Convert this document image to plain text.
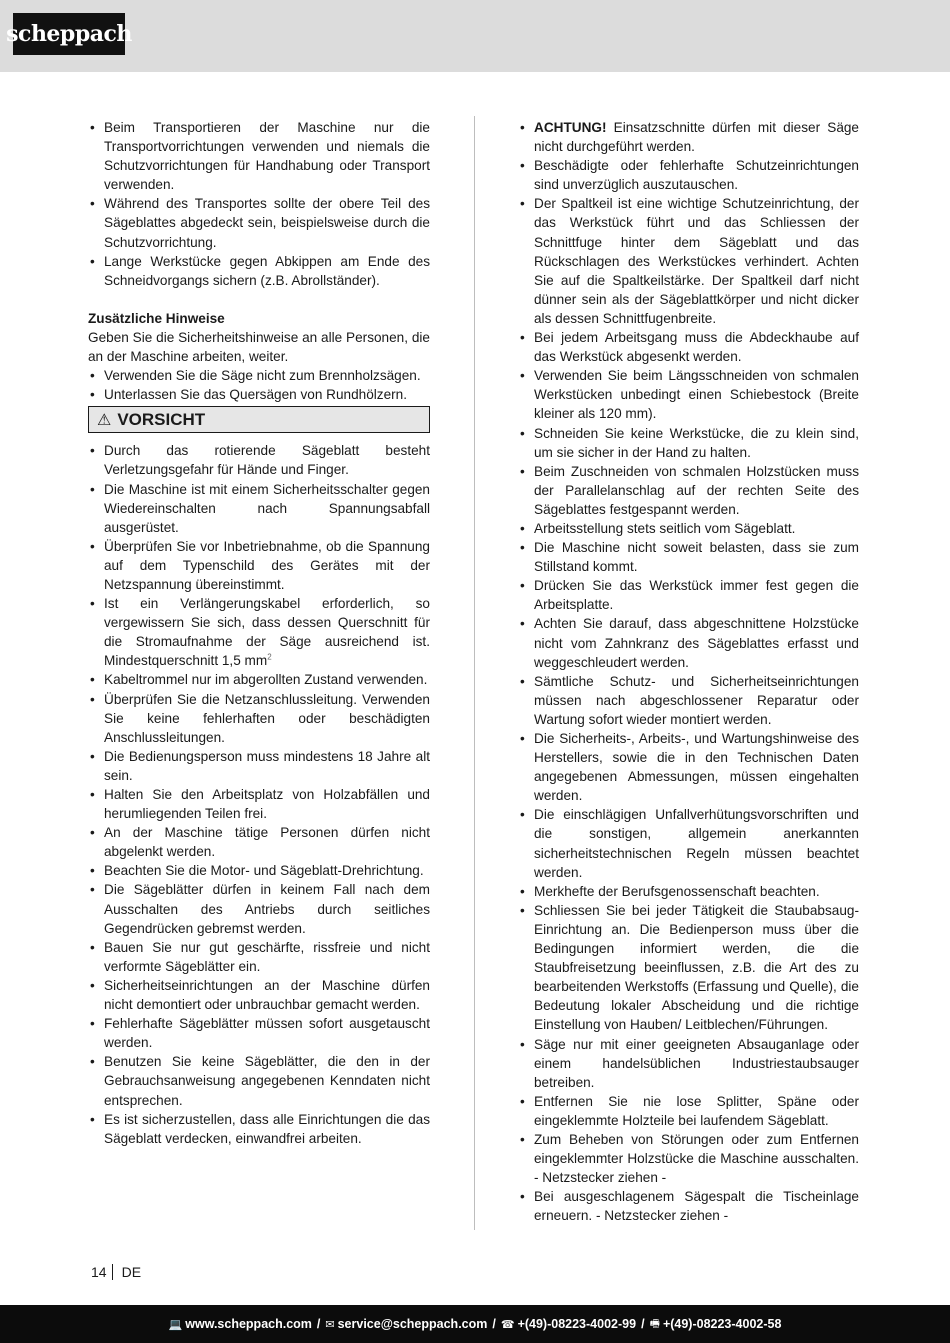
scheppach
• Beim Transportieren der Maschine nur die Transportvorrichtungen verwenden und niemals die Schutzvorrichtungen für Handhabung oder Transport verwenden.
• Während des Transportes sollte der obere Teil des Sägeblattes abgedeckt sein, beispielsweise durch die Schutzvorrichtung.
• Lange Werkstücke gegen Abkippen am Ende des Schneidvorgangs sichern (z.B. Abrollständer).
Zusätzliche Hinweise

Geben Sie die Sicherheitshinweise an alle Personen, die an der Maschine arbeiten, weiter.

• Verwenden Sie die Säge nicht zum Brennholzsägen.
• Unterlassen Sie das Quersägen von Rundhölzern.
⚠ VORSICHT
• Durch das rotierende Sägeblatt besteht Verletzungsgefahr für Hände und Finger.
• Die Maschine ist mit einem Sicherheitsschalter gegen Wiedereinschalten nach Spannungsabfall ausgerüstet.
• Überprüfen Sie vor Inbetriebnahme, ob die Spannung auf dem Typenschild des Gerätes mit der Netzspannung übereinstimmt.
• Ist ein Verlängerungskabel erforderlich, so vergewissern Sie sich, dass dessen Querschnitt für die Stromaufnahme der Säge ausreichend ist. Mindestquerschnitt 1,5 $mm^2$
• Kabeltrommel nur im abgerollten Zustand verwenden.
• Überprüfen Sie die Netzanschlussleitung. Verwenden Sie keine fehlerhaften oder beschädigten Anschlussleitungen.
• Die Bedienungsperson muss mindestens 18 Jahre alt sein.
• Halten Sie den Arbeitsplatz von Holzabfällen und herumliegenden Teilen frei.
• An der Maschine tätige Personen dürfen nicht abgelenkt werden.
• Beachten Sie die Motor- und Sägeblatt-Drehrichtung.
• Die Sägeblätter dürfen in keinem Fall nach dem Ausschalten des Antriebs durch seitliches Gegendrücken gebremst werden.
• Bauen Sie nur gut geschärfte, rissfreie und nicht verformte Sägeblätter ein.
• Sicherheitseinrichtungen an der Maschine dürfen nicht demontiert oder unbrauchbar gemacht werden.
• Fehlerhafte Sägeblätter müssen sofort ausgetauscht werden.
• Benutzen Sie keine Sägeblätter, die den in der Gebrauchsanweisung angegebenen Kenndaten nicht entsprechen.
• Es ist sicherzustellen, dass alle Einrichtungen die das Sägeblatt verdecken, einwandfrei arbeiten.
• ACHTUNG! Einsatzschnitte dürfen mit dieser Säge nicht durchgeführt werden.
• Beschädigte oder fehlerhafte Schutzeinrichtungen sind unverzüglich auszutauschen.
• Der Spaltkeil ist eine wichtige Schutzeinrichtung, der das Werkstück führt und das Schliessen der Schnittfuge hinter dem Sägeblatt und das Rückschlagen des Werkstückes verhindert. Achten Sie auf die Spaltkeilstärke. Der Spaltkeil darf nicht dünner sein als der Sägeblattkörper und nicht dicker als dessen Schnittfugenbreite.
• Bei jedem Arbeitsgang muss die Abdeckhaube auf das Werkstück abgesenkt werden.
• Verwenden Sie beim Längsschneiden von schmalen Werkstücken unbedingt einen Schiebestock (Breite kleiner als 120 mm).
• Schneiden Sie keine Werkstücke, die zu klein sind, um sie sicher in der Hand zu halten.
• Beim Zuschneiden von schmalen Holzstücken muss der Parallelanschlag auf der rechten Seite des Sägeblattes festgespannt werden.
• Arbeitsstellung stets seitlich vom Sägeblatt.
• Die Maschine nicht soweit belasten, dass sie zum Stillstand kommt.
• Drücken Sie das Werkstück immer fest gegen die Arbeitsplatte.
• Achten Sie darauf, dass abgeschnittene Holzstücke nicht vom Zahnkranz des Sägeblattes erfasst und weggeschleudert werden.
• Sämtliche Schutz- und Sicherheitseinrichtungen müssen nach abgeschlossener Reparatur oder Wartung sofort wieder montiert werden.
• Die Sicherheits-, Arbeits-, und Wartungshinweise des Herstellers, sowie die in den Technischen Daten angegebenen Abmessungen, müssen eingehalten werden.
• Die einschlägigen Unfallverhütungsvorschriften und die sonstigen, allgemein anerkannten sicherheitstechnischen Regeln müssen beachtet werden.
• Merkhefte der Berufsgenossenschaft beachten.
• Schliessen Sie bei jeder Tätigkeit die Staubabsaug- Einrichtung an. Die Bedienperson muss über die Bedingungen informiert werden, die die Staubfreisetzung beeinflussen, z.B. die Art des zu bearbeitenden Werkstoffs (Erfassung und Quelle), die Bedeutung lokaler Abscheidung und die richtige Einstellung von Hauben/ Leitblechen/Führungen.
• Säge nur mit einer geeigneten Absauganlage oder einem handelsüblichen Industriestaubsauger betreiben.
• Entfernen Sie nie lose Splitter, Späne oder eingeklemmte Holzteile bei laufendem Sägeblatt.
• Zum Beheben von Störungen oder zum Entfernen eingeklemmter Holzstücke die Maschine ausschalten. - Netzstecker ziehen -
• Bei ausgeschlagenem Sägespalt die Tischeinlage erneuern. - Netzstecker ziehen -
14 DE
💻 www.scheppach.com / ✉ service@scheppach.com / ☎ +(49)-08223-4002-99 / 🖷 +(49)-08223-4002-58
